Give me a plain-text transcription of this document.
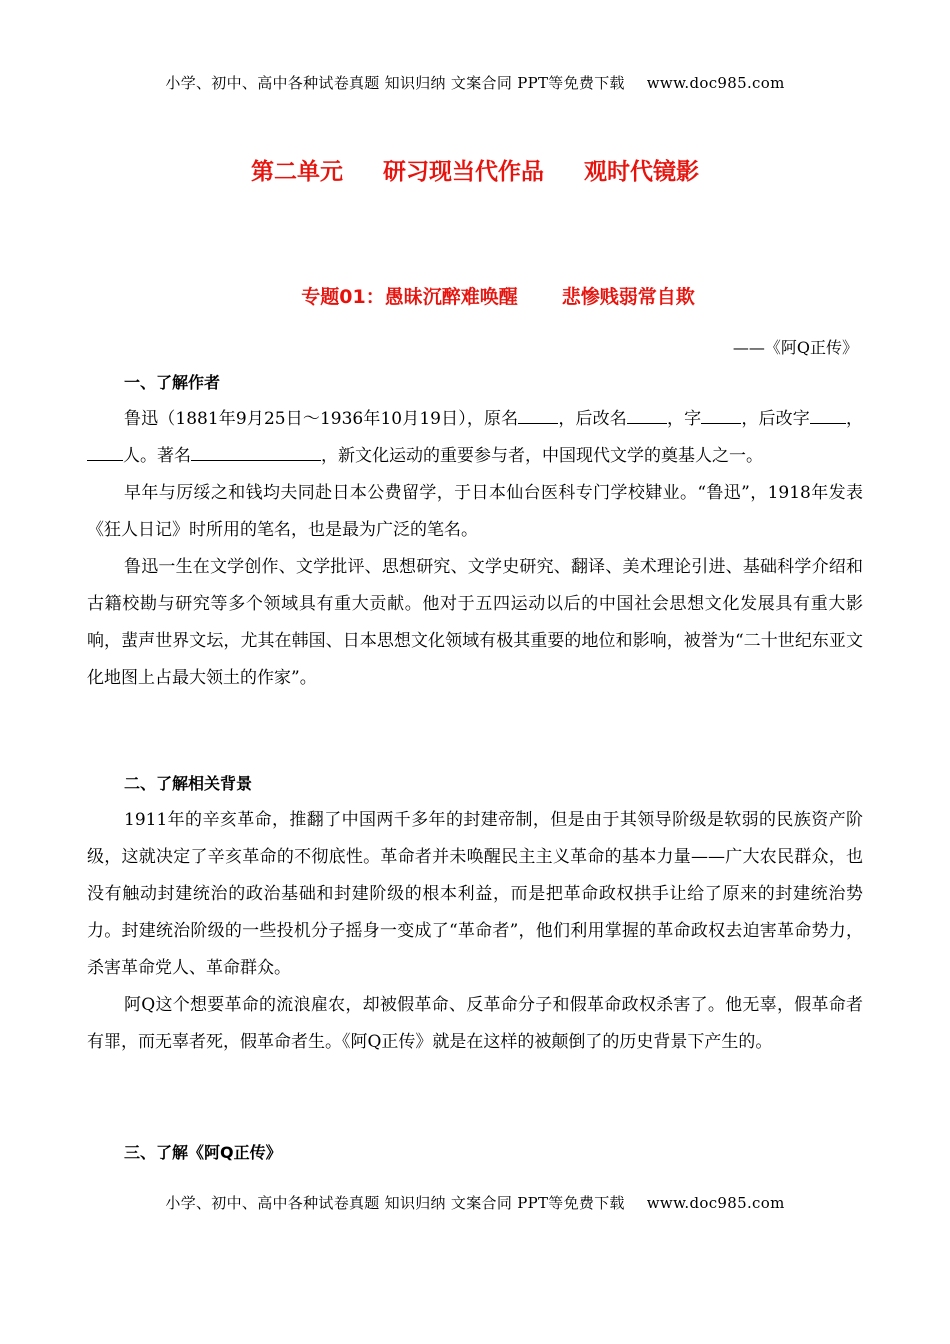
小学、初中、高中各种试卷真题 知识归纳 文案合同 PPT等免费下载 www.doc985.com
第二单元 研习现当代作品 观时代镜影
专题01：愚昧沉醉难唤醒 悲惨贱弱常自欺
——《阿Q正传》
一、了解作者

鲁迅（1881年9月25日～1936年10月19日），原名 ，后改名 ，字 ，后改字 ，人。著名	，新文化运动的重要参与者，中国现代文学的奠基人之一。

早年与厉绥之和钱均夫同赴日本公费留学，于日本仙台医科专门学校肄业。“鲁迅”，1918年发表《狂人日记》时所用的笔名，也是最为广泛的笔名。

鲁迅一生在文学创作、文学批评、思想研究、文学史研究、翻译、美术理论引进、基础科学介绍和古籍校勘与研究等多个领域具有重大贡献。他对于五四运动以后的中国社会思想文化发展具有重大影响，蜚声世界文坛，尤其在韩国、日本思想文化领域有极其重要的地位和影响，被誉为“二十世纪东亚文化地图上占最大领土的作家”。

二、了解相关背景

1911年的辛亥革命，推翻了中国两千多年的封建帝制，但是由于其领导阶级是软弱的民族资产阶级，这就决定了辛亥革命的不彻底性。革命者并未唤醒民主主义革命的基本力量——广大农民群众，也没有触动封建统治的政治基础和封建阶级的根本利益，而是把革命政权拱手让给了原来的封建统治势力。封建统治阶级的一些投机分子摇身一变成了“革命者”，他们利用掌握的革命政权去迫害革命势力，杀害革命党人、革命群众。

阿Q这个想要革命的流浪雇农，却被假革命、反革命分子和假革命政权杀害了。他无辜，假革命者有罪，而无辜者死，假革命者生。《阿Q正传》就是在这样的被颠倒了的历史背景下产生的。

三、了解《阿Q正传》
小学、初中、高中各种试卷真题 知识归纳 文案合同 PPT等免费下载 www.doc985.com
